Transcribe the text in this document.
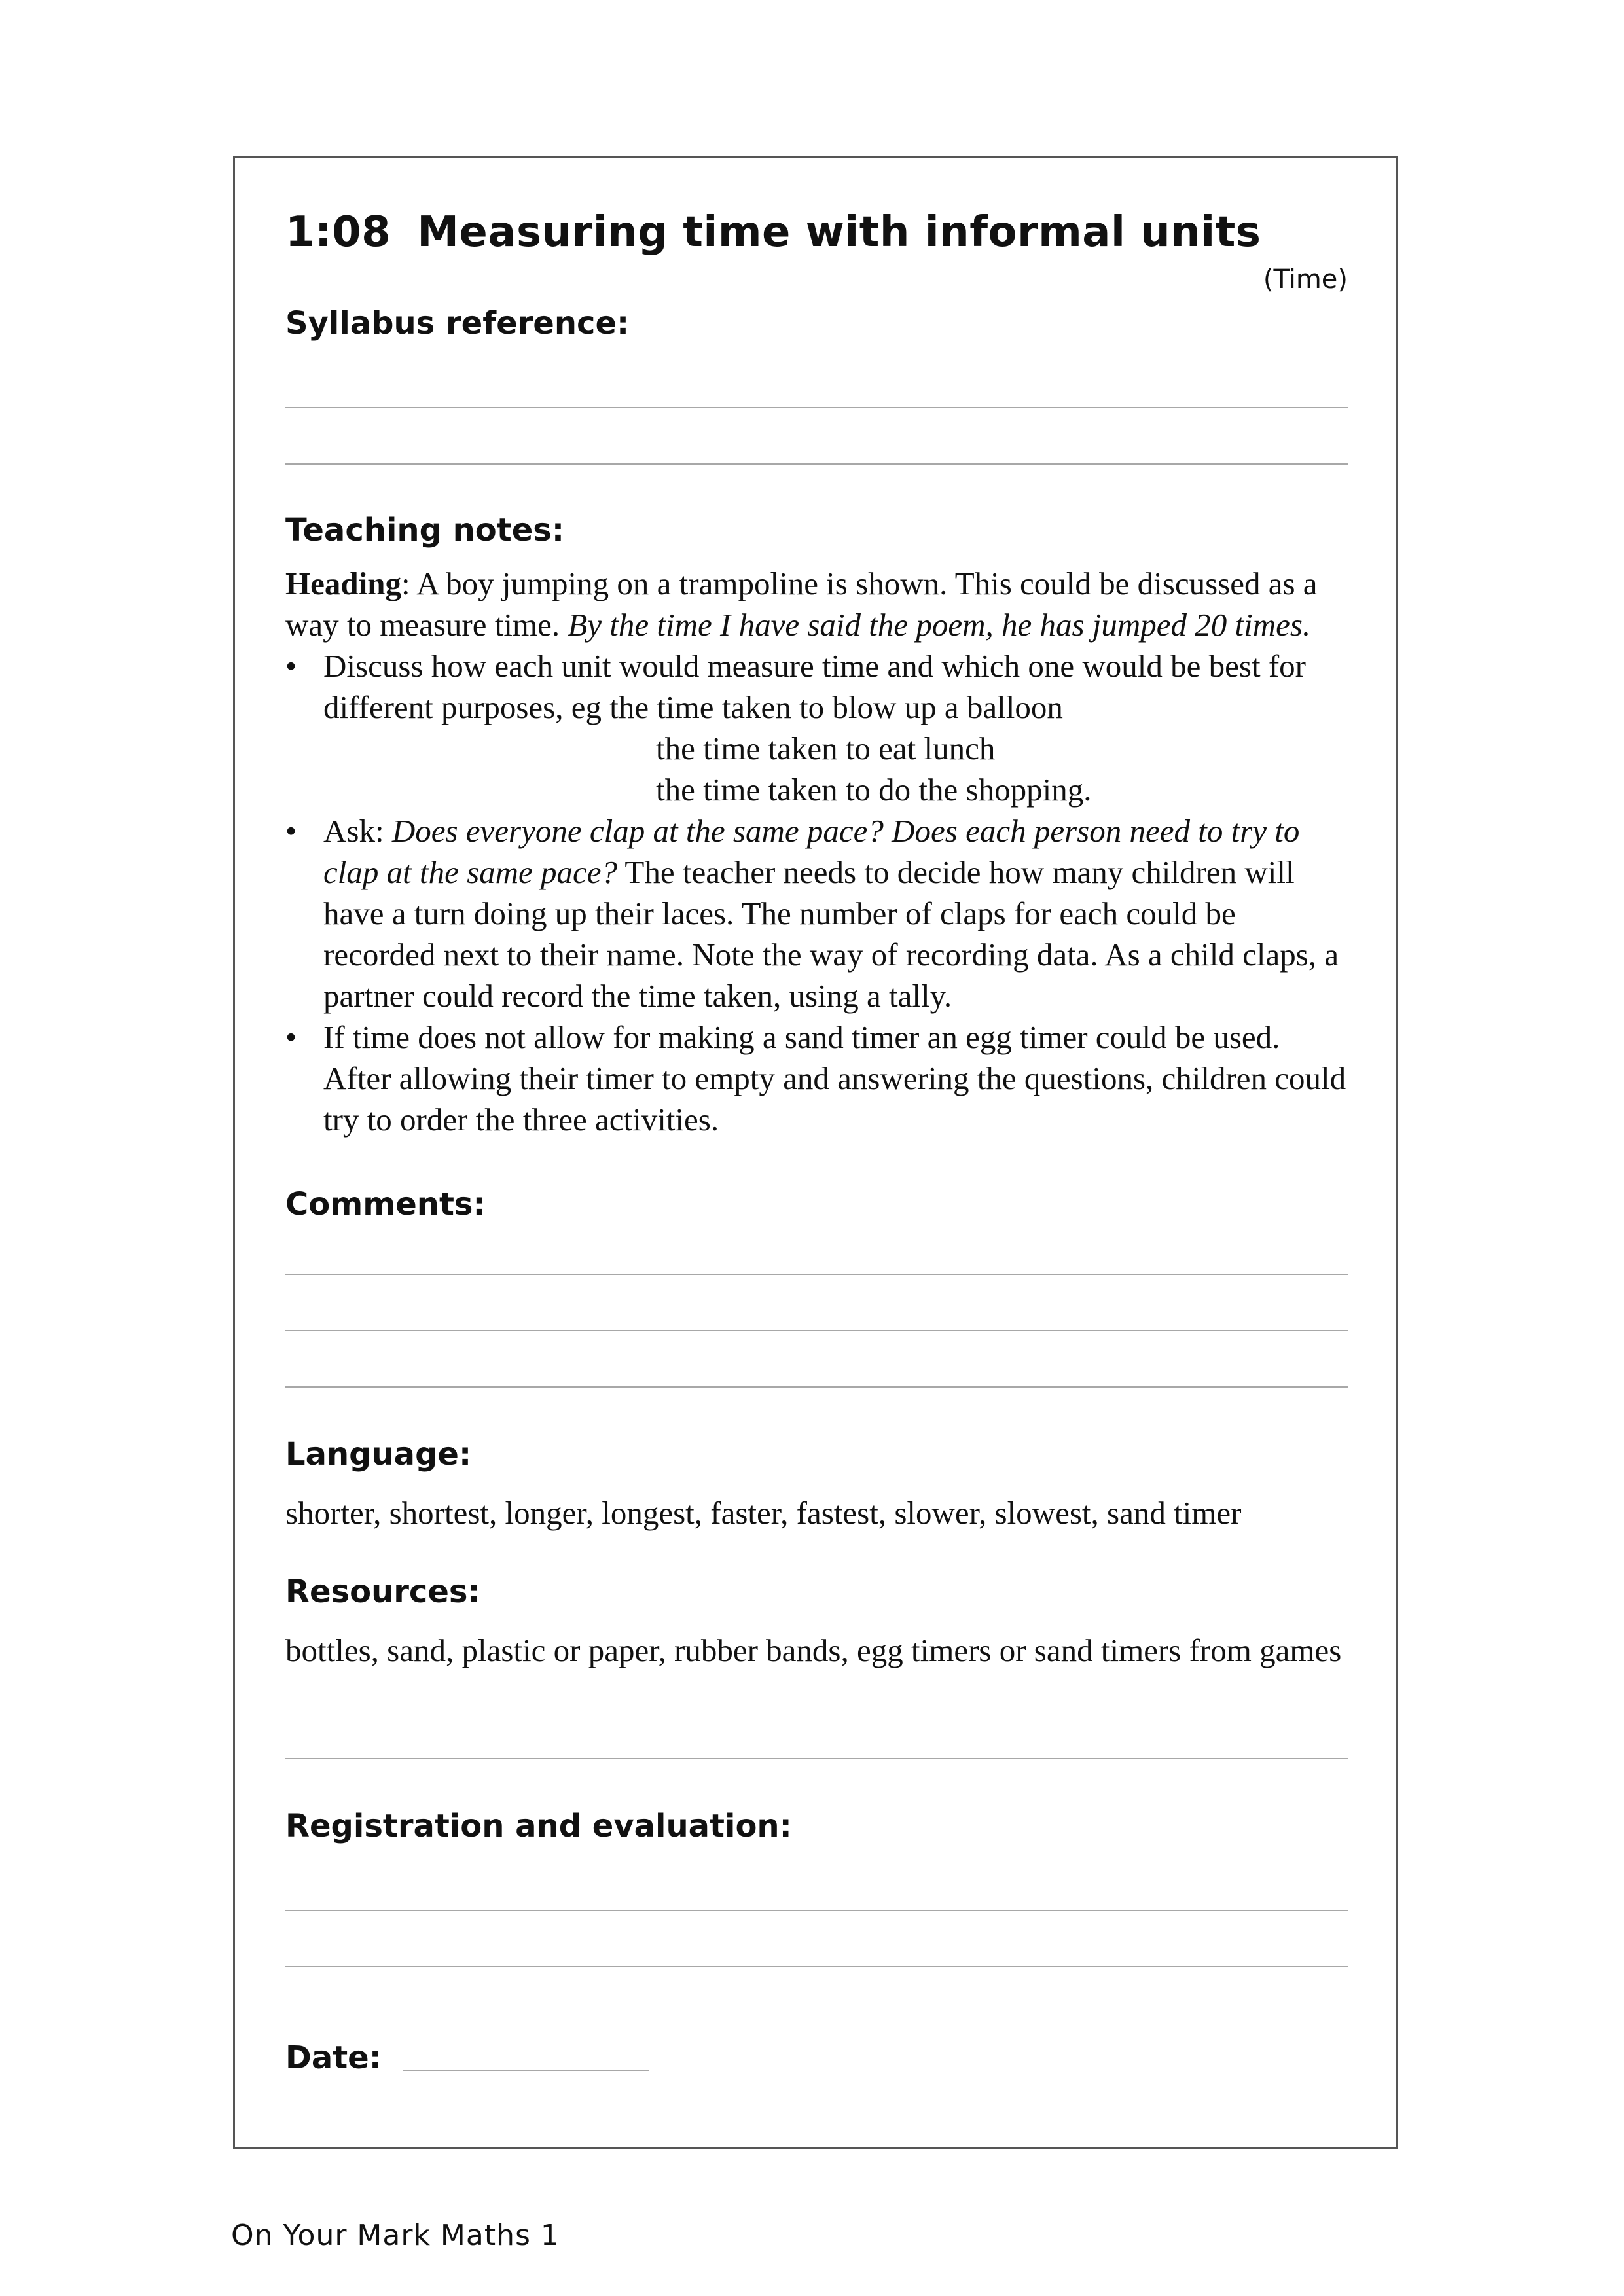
1:08 Measuring time with informal units
(Time)
Syllabus reference:
Teaching notes:

Heading: A boy jumping on a trampoline is shown. This could be discussed as a way to measure time. By the time I have said the poem, he has jumped 20 times.

• Discuss how each unit would measure time and which one would be best for different purposes, eg the time taken to blow up a balloon
the time taken to eat lunch
the time taken to do the shopping.
• Ask: Does everyone clap at the same pace? Does each person need to try to clap at the same pace? The teacher needs to decide how many children will have a turn doing up their laces. The number of claps for each could be recorded next to their name. Note the way of recording data. As a child claps, a partner could record the time taken, using a tally.
• If time does not allow for making a sand timer an egg timer could be used. After allowing their timer to empty and answering the questions, children could try to order the three activities.
Comments:
Language:
shorter, shortest, longer, longest, faster, fastest, slower, slowest, sand timer
Resources:
bottles, sand, plastic or paper, rubber bands, egg timers or sand timers from games
Registration and evaluation:
Date:
On Your Mark Maths 1
